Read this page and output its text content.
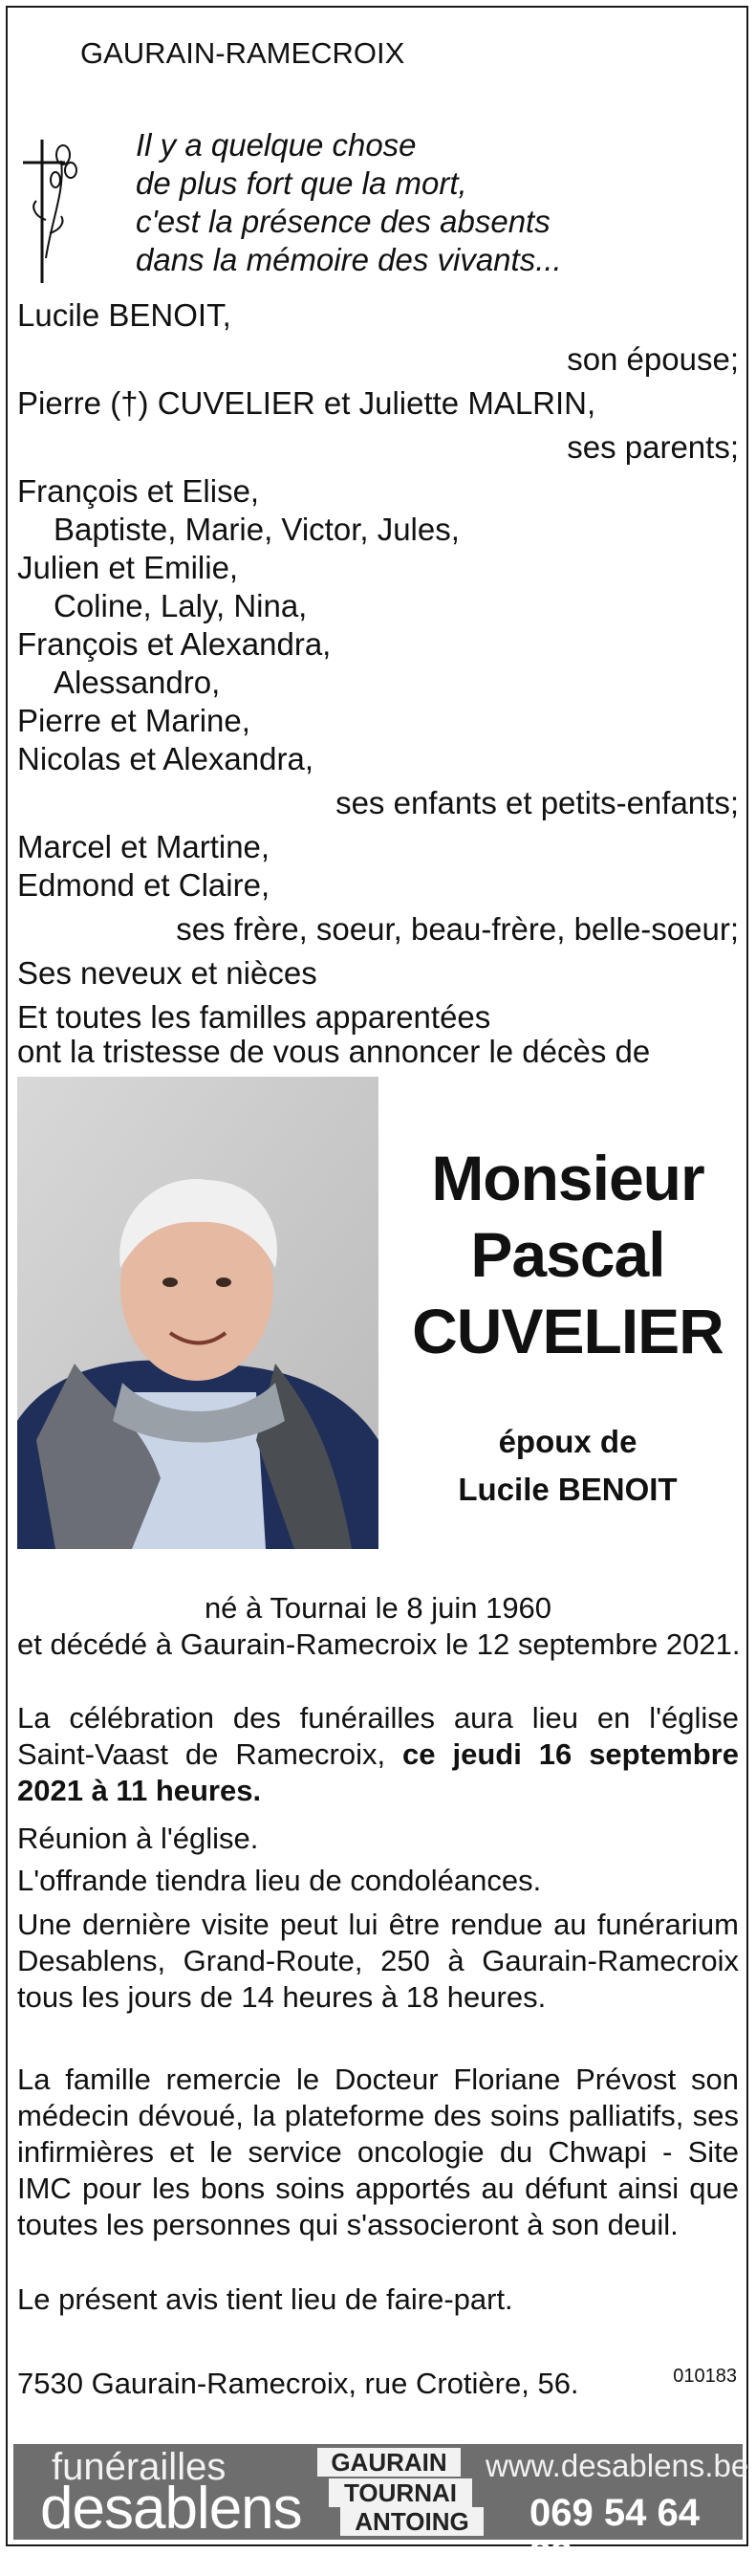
GAURAIN-RAMECROIX
Il y a quelque chose
de plus fort que la mort,
c'est la présence des absents
dans la mémoire des vivants...
Lucile BENOIT,
son épouse;
Pierre (†) CUVELIER et Juliette MALRIN,
ses parents;
François et Elise,
Baptiste, Marie, Victor, Jules,
Julien et Emilie,
Coline, Laly, Nina,
François et Alexandra,
Alessandro,
Pierre et Marine,
Nicolas et Alexandra,
ses enfants et petits-enfants;
Marcel et Martine,
Edmond et Claire,
ses frère, soeur, beau-frère, belle-soeur;
Ses neveux et nièces
Et toutes les familles apparentées
ont la tristesse de vous annoncer le décès de
Monsieur
Pascal
CUVELIER
époux de
Lucile BENOIT
né à Tournai le 8 juin 1960
et décédé à Gaurain-Ramecroix le 12 septembre 2021.
La célébration des funérailles aura lieu en l'église Saint-Vaast de Ramecroix, ce jeudi 16 septembre 2021 à 11 heures.
Réunion à l'église.
L'offrande tiendra lieu de condoléances.
Une dernière visite peut lui être rendue au funérarium Desablens, Grand-Route, 250 à Gaurain-Ramecroix tous les jours de 14 heures à 18 heures.
La famille remercie le Docteur Floriane Prévost son médecin dévoué, la plateforme des soins palliatifs, ses infirmières et le service oncologie du Chwapi - Site IMC pour les bons soins apportés au défunt ainsi que toutes les personnes qui s'associeront à son deuil.
Le présent avis tient lieu de faire-part.
7530 Gaurain-Ramecroix, rue Crotière, 56.	010183
funérailles
desablens
GAURAIN
TOURNAI
ANTOING
www.desablens.be
069 54 64 22
